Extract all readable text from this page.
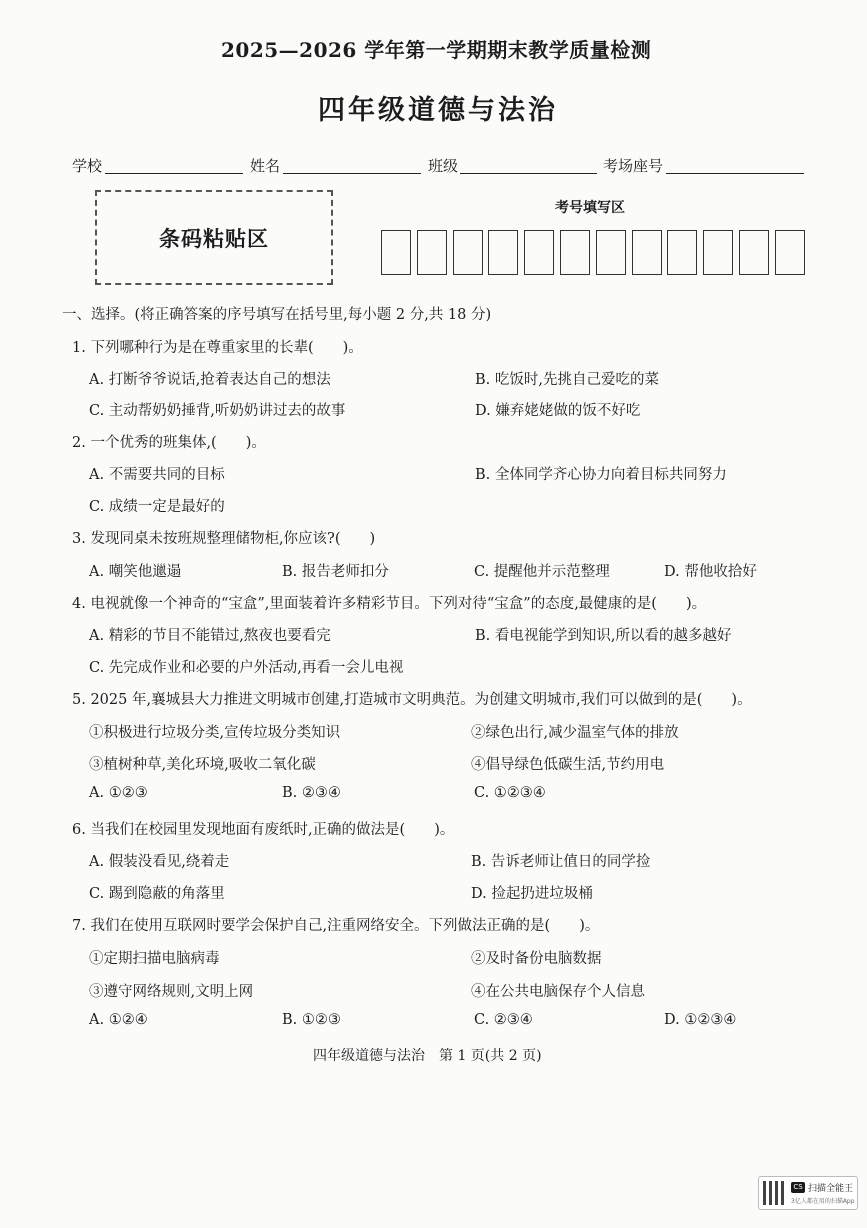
2025—2026 学年第一学期期末教学质量检测
四年级道德与法治
学校	姓名	班级	考场座号
条码粘贴区
考号填写区
一、选择。(将正确答案的序号填写在括号里,每小题 2 分,共 18 分)
1. 下列哪种行为是在尊重家里的长辈(　　)。
A. 打断爷爷说话,抢着表达自己的想法	B. 吃饭时,先挑自己爱吃的菜
C. 主动帮奶奶捶背,听奶奶讲过去的故事	D. 嫌弃姥姥做的饭不好吃
2. 一个优秀的班集体,(　　)。
A. 不需要共同的目标	B. 全体同学齐心协力向着目标共同努力
C. 成绩一定是最好的
3. 发现同桌未按班规整理储物柜,你应该?(　　)
A. 嘲笑他邋遢	B. 报告老师扣分	C. 提醒他并示范整理	D. 帮他收拾好
4. 电视就像一个神奇的“宝盒”,里面装着许多精彩节目。下列对待“宝盒”的态度,最健康的是(　　)。
A. 精彩的节目不能错过,熬夜也要看完	B. 看电视能学到知识,所以看的越多越好
C. 先完成作业和必要的户外活动,再看一会儿电视
5. 2025 年,襄城县大力推进文明城市创建,打造城市文明典范。为创建文明城市,我们可以做到的是(　　)。
①积极进行垃圾分类,宣传垃圾分类知识	②绿色出行,减少温室气体的排放
③植树种草,美化环境,吸收二氧化碳	④倡导绿色低碳生活,节约用电
A. ①②③	B. ②③④	C. ①②③④
6. 当我们在校园里发现地面有废纸时,正确的做法是(　　)。
A. 假装没看见,绕着走	B. 告诉老师让值日的同学捡
C. 踢到隐蔽的角落里	D. 捡起扔进垃圾桶
7. 我们在使用互联网时要学会保护自己,注重网络安全。下列做法正确的是(　　)。
①定期扫描电脑病毒	②及时备份电脑数据
③遵守网络规则,文明上网	④在公共电脑保存个人信息
A. ①②④	B. ①②③	C. ②③④	D. ①②③④
四年级道德与法治　第 1 页(共 2 页)
CS 扫描全能王
3亿人都在用的扫描App
